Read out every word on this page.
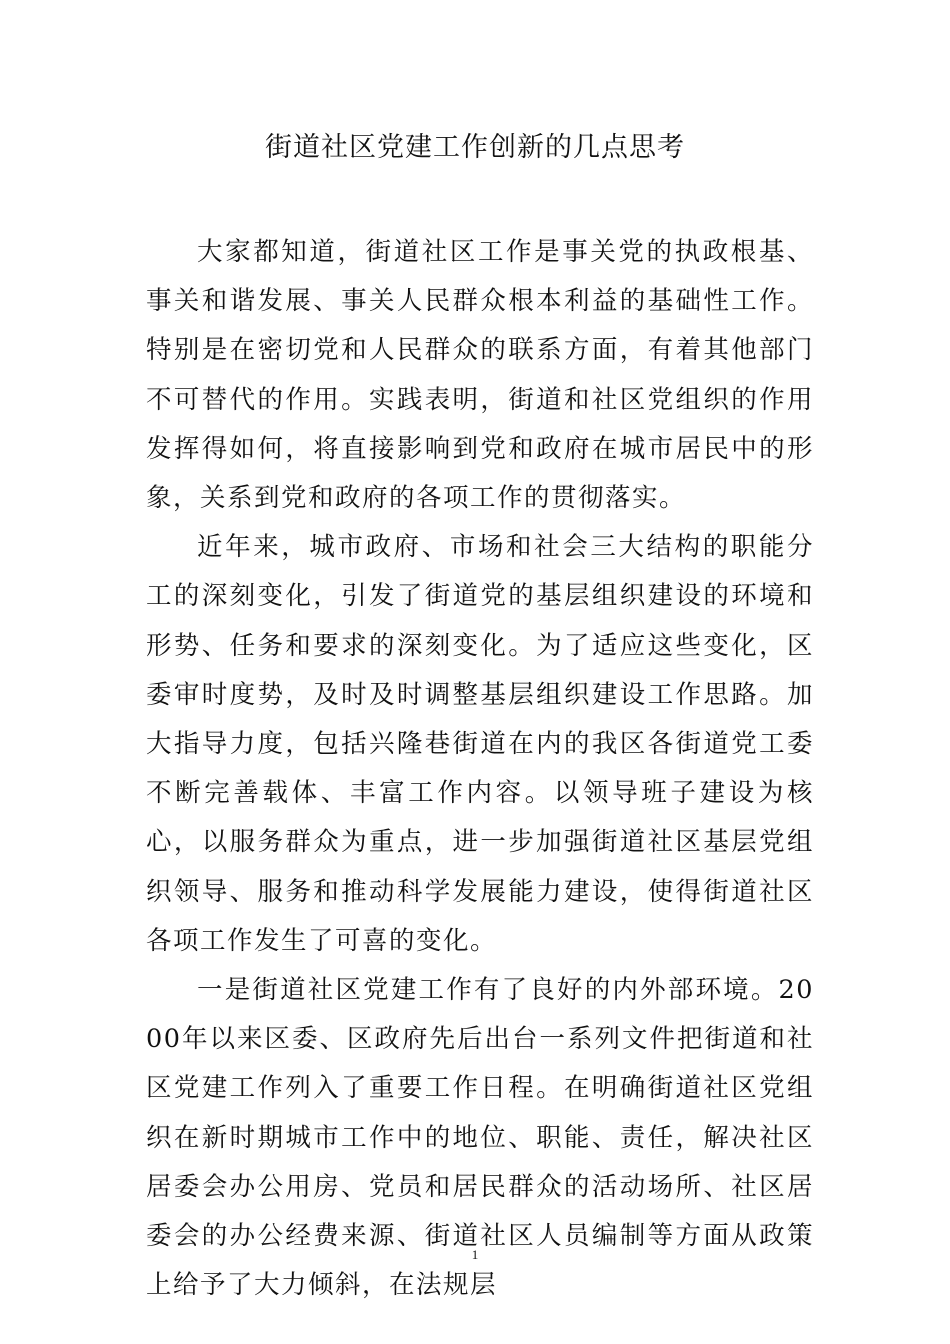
街道社区党建工作创新的几点思考

大家都知道，街道社区工作是事关党的执政根基、事关和谐发展、事关人民群众根本利益的基础性工作。特别是在密切党和人民群众的联系方面，有着其他部门不可替代的作用。实践表明，街道和社区党组织的作用发挥得如何，将直接影响到党和政府在城市居民中的形象，关系到党和政府的各项工作的贯彻落实。

近年来，城市政府、市场和社会三大结构的职能分工的深刻变化，引发了街道党的基层组织建设的环境和形势、任务和要求的深刻变化。为了适应这些变化，区委审时度势，及时及时调整基层组织建设工作思路。加大指导力度，包括兴隆巷街道在内的我区各街道党工委不断完善载体、丰富工作内容。以领导班子建设为核心，以服务群众为重点，进一步加强街道社区基层党组织领导、服务和推动科学发展能力建设，使得街道社区各项工作发生了可喜的变化。

一是街道社区党建工作有了良好的内外部环境。2000年以来区委、区政府先后出台一系列文件把街道和社区党建工作列入了重要工作日程。在明确街道社区党组织在新时期城市工作中的地位、职能、责任，解决社区居委会办公用房、党员和居民群众的活动场所、社区居委会的办公经费来源、街道社区人员编制等方面从政策上给予了大力倾斜，在法规层

1
